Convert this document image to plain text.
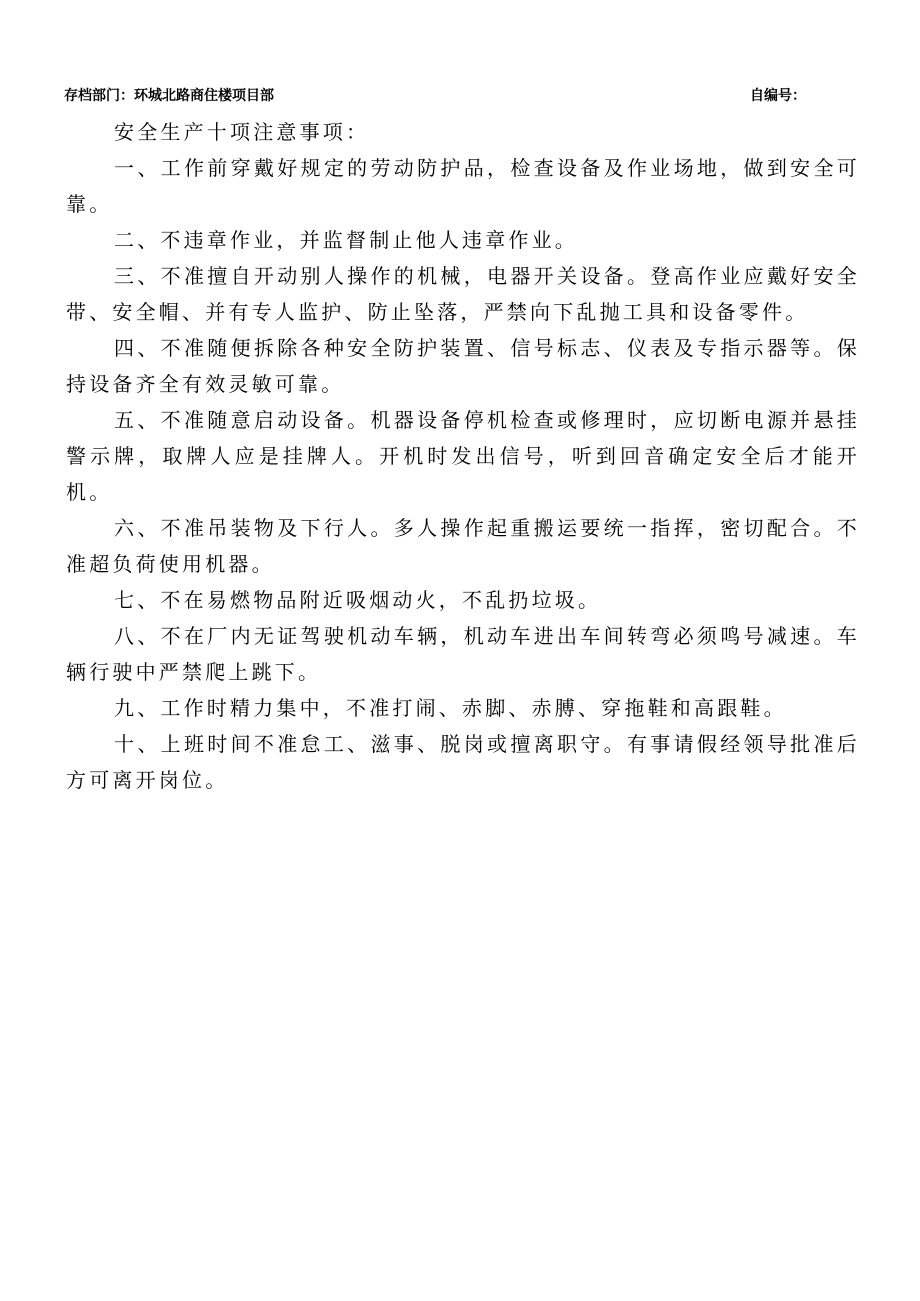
存档部门：环城北路商住楼项目部	自编号：

安全生产十项注意事项：

一、工作前穿戴好规定的劳动防护品，检查设备及作业场地，做到安全可靠。
二、不违章作业，并监督制止他人违章作业。
三、不准擅自开动别人操作的机械，电器开关设备。登高作业应戴好安全带、安全帽、并有专人监护、防止坠落，严禁向下乱抛工具和设备零件。
四、不准随便拆除各种安全防护装置、信号标志、仪表及专指示器等。保持设备齐全有效灵敏可靠。
五、不准随意启动设备。机器设备停机检查或修理时，应切断电源并悬挂警示牌，取牌人应是挂牌人。开机时发出信号，听到回音确定安全后才能开机。
六、不准吊装物及下行人。多人操作起重搬运要统一指挥，密切配合。不准超负荷使用机器。
七、不在易燃物品附近吸烟动火，不乱扔垃圾。
八、不在厂内无证驾驶机动车辆，机动车进出车间转弯必须鸣号减速。车辆行驶中严禁爬上跳下。
九、工作时精力集中，不准打闹、赤脚、赤膊、穿拖鞋和高跟鞋。
十、上班时间不准怠工、滋事、脱岗或擅离职守。有事请假经领导批准后方可离开岗位。
